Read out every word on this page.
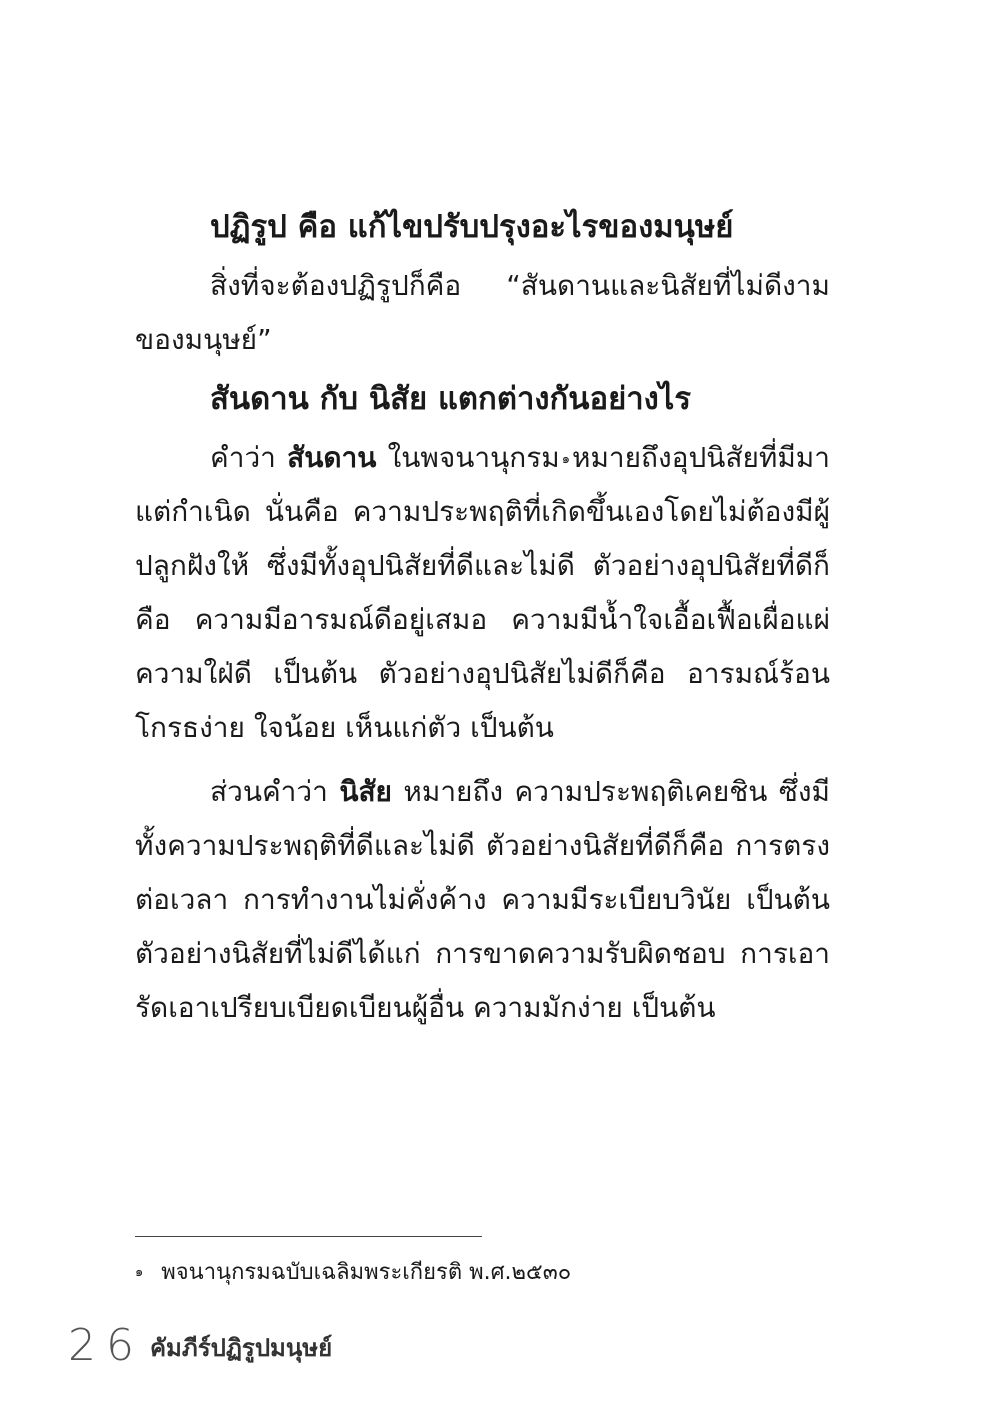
ปฏิรูป คือ แก้ไขปรับปรุงอะไรของมนุษย์

สิ่งที่จะต้องปฏิรูปก็คือ “สันดานและนิสัยที่ไม่ดีงามของมนุษย์”

สันดาน กับ นิสัย แตกต่างกันอย่างไร

คำว่า สันดาน ในพจนานุกรม $^๑$หมายถึงอุปนิสัยที่มีมาแต่กำเนิด นั่นคือ ความประพฤติที่เกิดขึ้นเองโดยไม่ต้องมีผู้ปลูกฝังให้ ซึ่งมีทั้งอุปนิสัยที่ดีและไม่ดี ตัวอย่างอุปนิสัยที่ดีก็คือ ความมีอารมณ์ดีอยู่เสมอ ความมีน้ำใจเอื้อเฟื้อเผื่อแผ่ ความใฝ่ดี เป็นต้น ตัวอย่างอุปนิสัยไม่ดีก็คือ อารมณ์ร้อนโกรธง่าย ใจน้อย เห็นแก่ตัว เป็นต้น

ส่วนคำว่า นิสัย หมายถึง ความประพฤติเคยชิน ซึ่งมีทั้งความประพฤติที่ดีและไม่ดี ตัวอย่างนิสัยที่ดีก็คือ การตรงต่อเวลา การทำงานไม่คั่งค้าง ความมีระเบียบวินัย เป็นต้น ตัวอย่างนิสัยที่ไม่ดีได้แก่ การขาดความรับผิดชอบ การเอารัดเอาเปรียบเบียดเบียนผู้อื่น ความมักง่าย เป็นต้น

$^๑$ พจนานุกรมฉบับเฉลิมพระเกียรติ พ.ศ.๒๕๓๐
26 คัมภีร์ปฏิรูปมนุษย์
